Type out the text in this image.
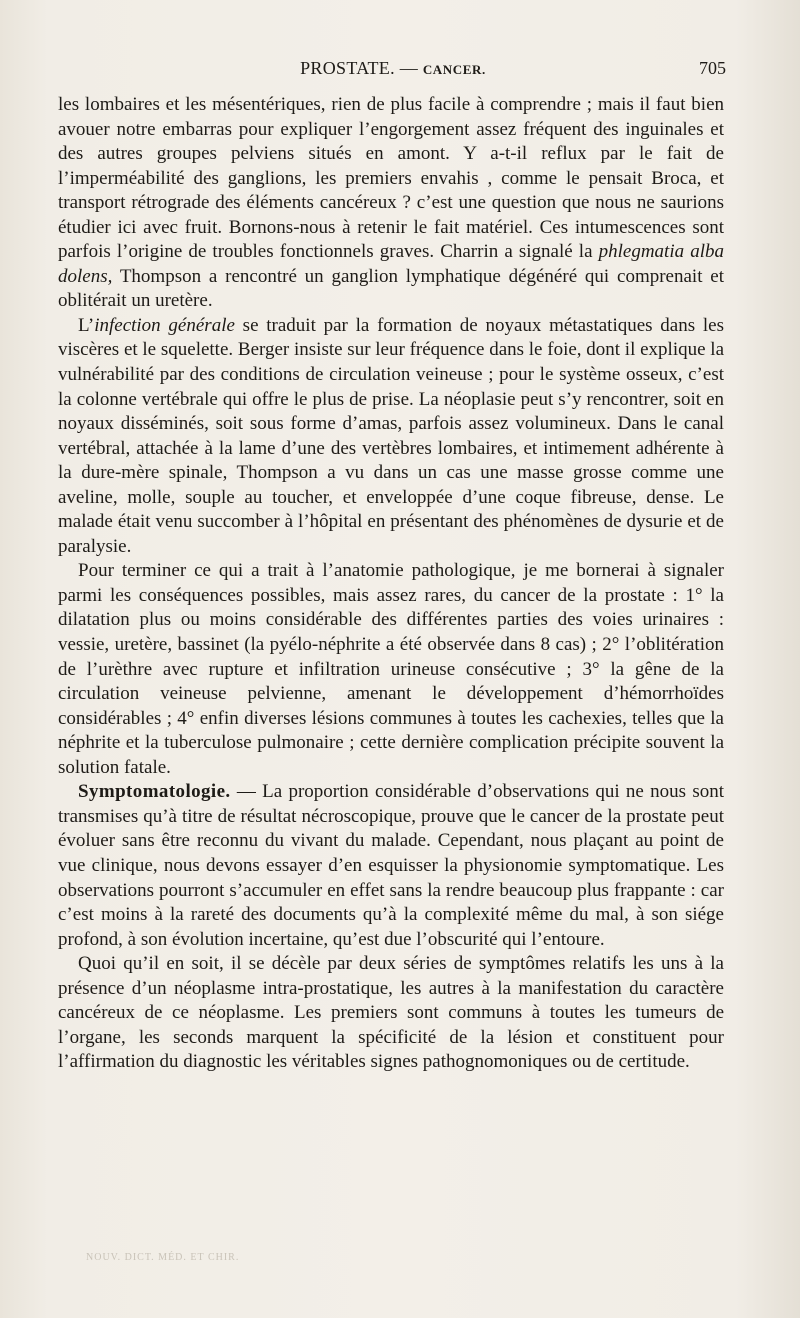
PROSTATE. — CANCER.	705

les lombaires et les mésentériques, rien de plus facile à comprendre ; mais il faut bien avouer notre embarras pour expliquer l’engorgement assez fréquent des inguinales et des autres groupes pelviens situés en amont. Y a-t-il reflux par le fait de l’imperméabilité des ganglions, les premiers envahis , comme le pensait Broca, et transport rétrograde des éléments cancéreux ? c’est une question que nous ne saurions étudier ici avec fruit. Bornons-nous à retenir le fait matériel. Ces intumescences sont parfois l’origine de troubles fonctionnels graves. Charrin a signalé la phlegmatia alba dolens, Thompson a rencontré un ganglion lymphatique dégénéré qui comprenait et oblitérait un uretère.

L’infection générale se traduit par la formation de noyaux métastatiques dans les viscères et le squelette. Berger insiste sur leur fréquence dans le foie, dont il explique la vulnérabilité par des conditions de circulation veineuse ; pour le système osseux, c’est la colonne vertébrale qui offre le plus de prise. La néoplasie peut s’y rencontrer, soit en noyaux disséminés, soit sous forme d’amas, parfois assez volumineux. Dans le canal vertébral, attachée à la lame d’une des vertèbres lombaires, et intimement adhérente à la dure-mère spinale, Thompson a vu dans un cas une masse grosse comme une aveline, molle, souple au toucher, et enveloppée d’une coque fibreuse, dense. Le malade était venu succomber à l’hôpital en présentant des phénomènes de dysurie et de paralysie.

Pour terminer ce qui a trait à l’anatomie pathologique, je me bornerai à signaler parmi les conséquences possibles, mais assez rares, du cancer de la prostate : 1° la dilatation plus ou moins considérable des différentes parties des voies urinaires : vessie, uretère, bassinet (la pyélo-néphrite a été observée dans 8 cas) ; 2° l’oblitération de l’urèthre avec rupture et infiltration urineuse consécutive ; 3° la gêne de la circulation veineuse pelvienne, amenant le développement d’hémorrhoïdes considérables ; 4° enfin diverses lésions communes à toutes les cachexies, telles que la néphrite et la tuberculose pulmonaire ; cette dernière complication précipite souvent la solution fatale.

Symptomatologie. — La proportion considérable d’observations qui ne nous sont transmises qu’à titre de résultat nécroscopique, prouve que le cancer de la prostate peut évoluer sans être reconnu du vivant du malade. Cependant, nous plaçant au point de vue clinique, nous devons essayer d’en esquisser la physionomie symptomatique. Les observations pourront s’accumuler en effet sans la rendre beaucoup plus frappante : car c’est moins à la rareté des documents qu’à la complexité même du mal, à son siége profond, à son évolution incertaine, qu’est due l’obscurité qui l’entoure.

Quoi qu’il en soit, il se décèle par deux séries de symptômes relatifs les uns à la présence d’un néoplasme intra-prostatique, les autres à la manifestation du caractère cancéreux de ce néoplasme. Les premiers sont communs à toutes les tumeurs de l’organe, les seconds marquent la spécificité de la lésion et constituent pour l’affirmation du diagnostic les véritables signes pathognomoniques ou de certitude.

NOUV. DICT. MÉD. ET CHIR.
